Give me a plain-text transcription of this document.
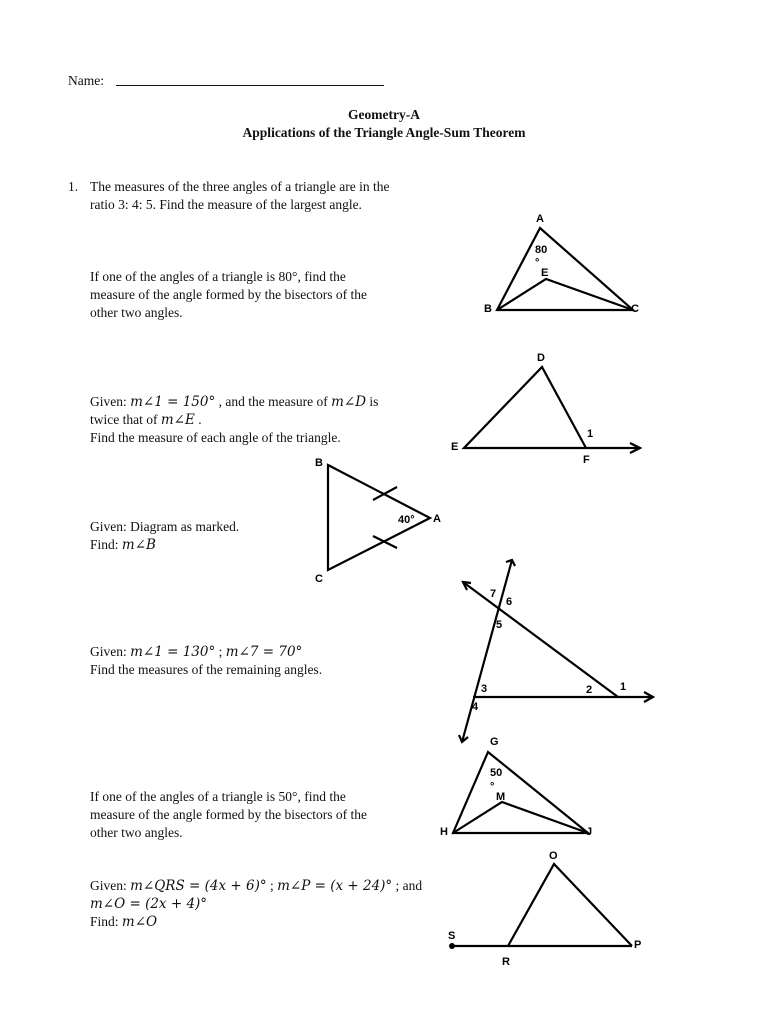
Name:
Geometry-A
Applications of the Triangle Angle-Sum Theorem
1. The measures of the three angles of a triangle are in the
ratio 3: 4: 5. Find the measure of the largest angle.
If one of the angles of a triangle is 80°, find the
measure of the angle formed by the bisectors of the
other two angles.
Given: m∠1 = 150° , and the measure of m∠D is
twice that of m∠E .
Find the measure of each angle of the triangle.
Given: Diagram as marked.
Find: m∠B
Given: m∠1 = 130° ; m∠7 = 70°
Find the measures of the remaining angles.
If one of the angles of a triangle is 50°, find the
measure of the angle formed by the bisectors of the
other two angles.
Given: m∠QRS = (4x + 6)° ; m∠P = (x + 24)° ; and
m∠O = (2x + 4)°
Find: m∠O
A
B	C
E
80
°
D
E
F
1
B
A
C
40°
1
2
3
4
5
6
7
G
H	J
M
50
°
O
P
R
S
